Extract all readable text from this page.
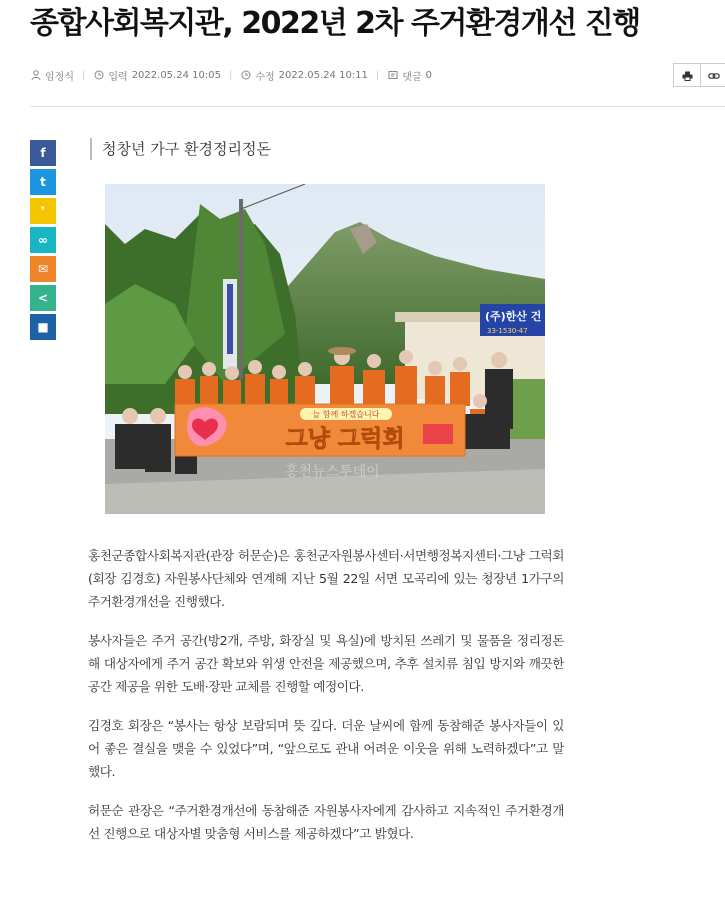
종합사회복지관, 2022년 2차 주거환경개선 진행
임정식 | 입력 2022.05.24 10:05 | 수정 2022.05.24 10:11 | 댓글 0
f
t
❜
∞
✉
<
■
청창년 가구 환경정리정돈
(주)한산 건
33-1530-47
늘 함께 하겠습니다
그냥 그럭회
홍천뉴스투데이

홍천군종합사회복지관(관장 허문순)은 홍천군자원봉사센터·서면행정복지센터·그냥 그럭회(회장 김경호) 자원봉사단체와 연계해 지난 5월 22일 서면 모곡리에 있는 청장년 1가구의 주거환경개선을 진행했다.

봉사자들은 주거 공간(방2개, 주방, 화장실 및 욕실)에 방치된 쓰레기 및 물품을 정리정돈 해 대상자에게 주거 공간 확보와 위생 안전을 제공했으며, 추후 설치류 침입 방지와 깨끗한 공간 제공을 위한 도배·장판 교체를 진행할 예정이다.

김경호 회장은 “봉사는 항상 보람되며 뜻 깊다. 더운 날씨에 함께 동참해준 봉사자들이 있어 좋은 결실을 맺을 수 있었다”며, “앞으로도 관내 어려운 이웃을 위해 노력하겠다”고 말했다.

허문순 관장은 “주거환경개선에 동참해준 자원봉사자에게 감사하고 지속적인 주거환경개선 진행으로 대상자별 맞춤형 서비스를 제공하겠다”고 밝혔다.
